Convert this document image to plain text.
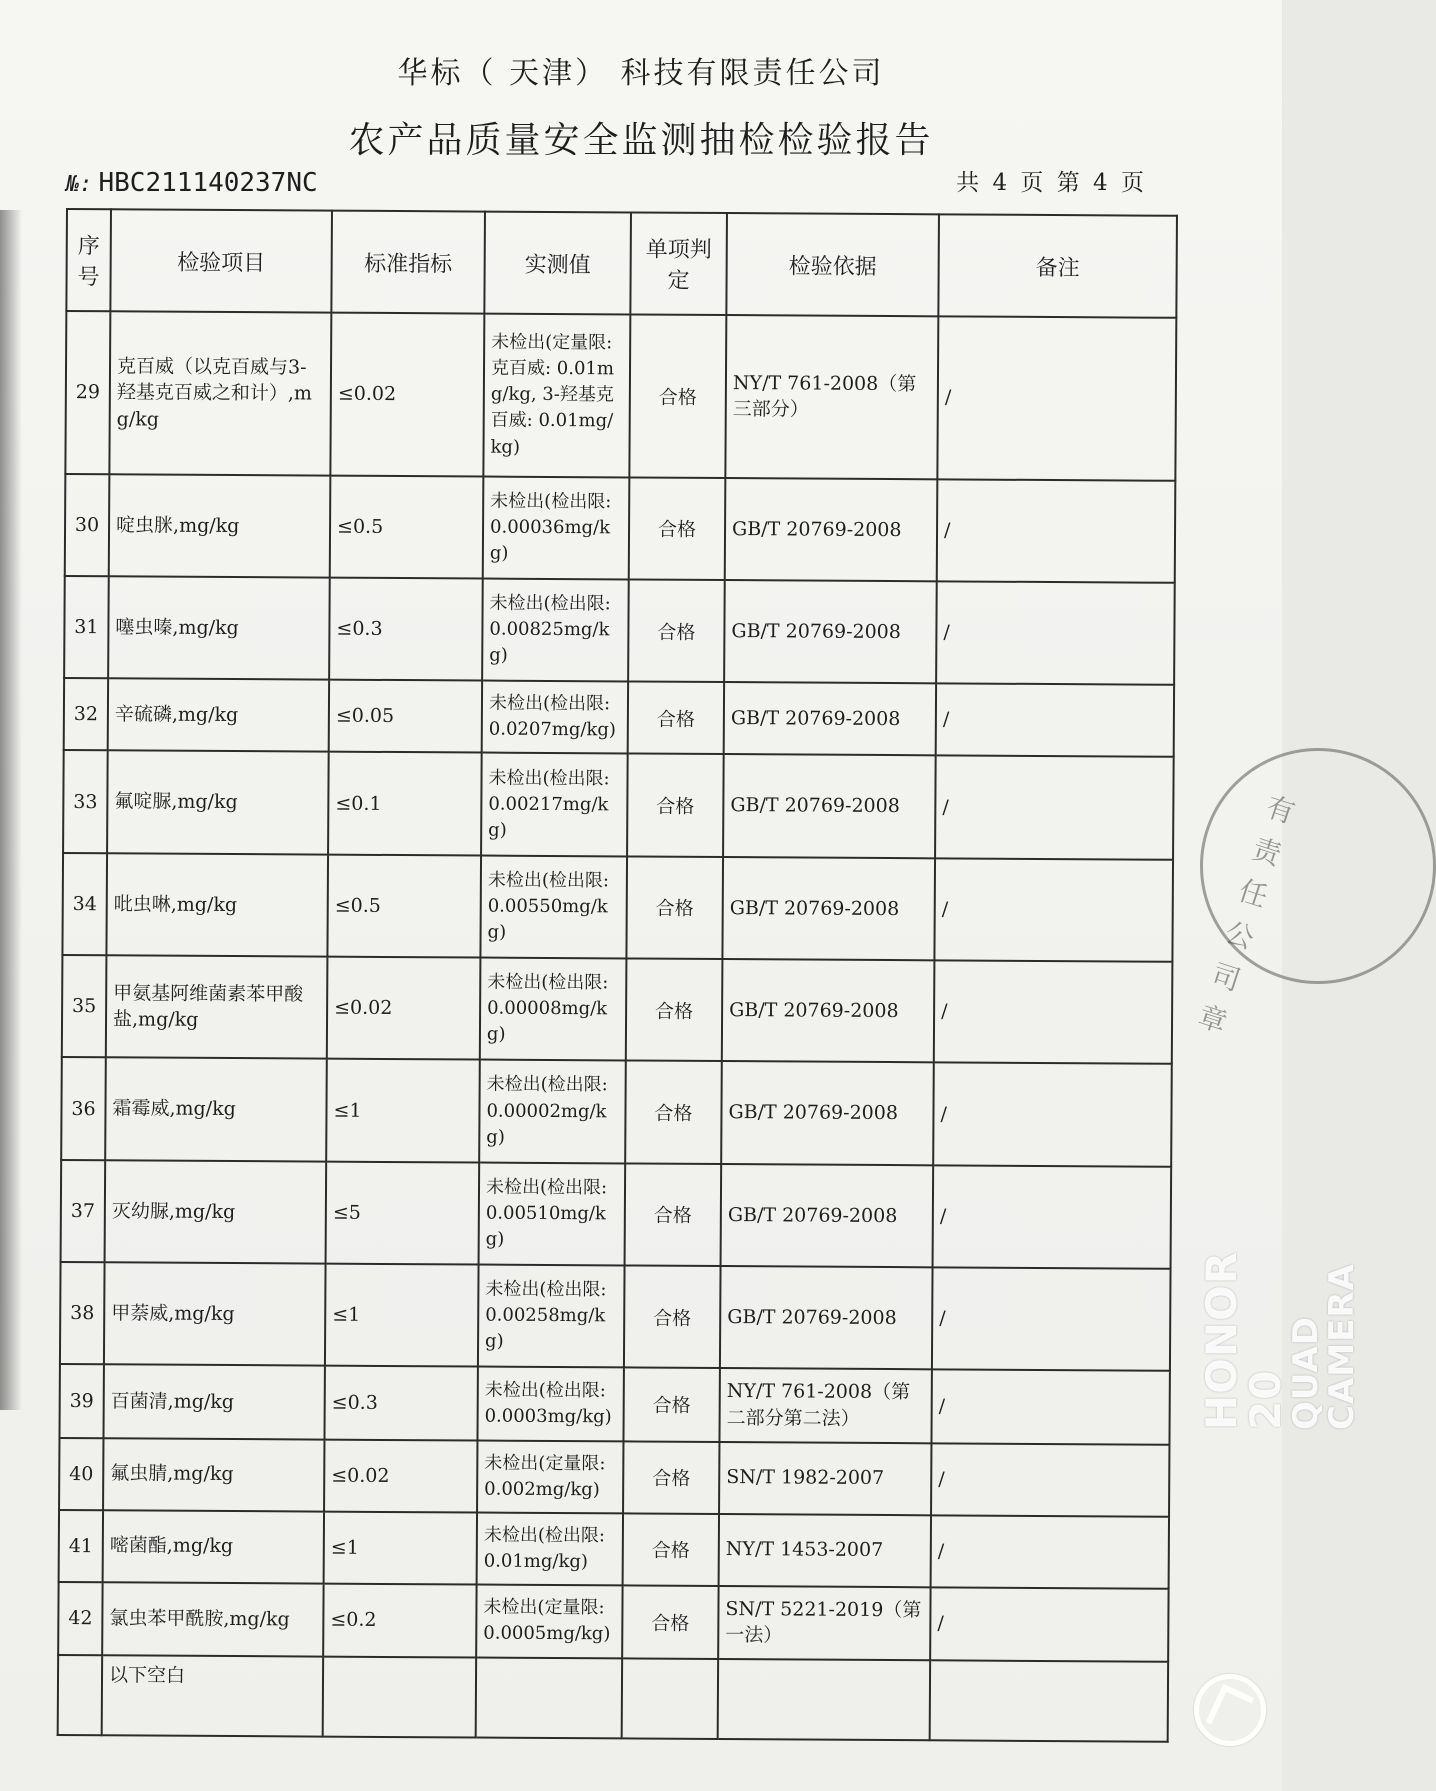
华标（ 天津） 科技有限责任公司
农产品质量安全监测抽检检验报告
№: HBC211140237NC	共 4 页 第 4 页
序号	检验项目	标准指标	实测值	单项判定	检验依据	备注
29	克百威（以克百威与3-羟基克百威之和计）,mg/kg	≤0.02	未检出(定量限: 克百威: 0.01mg/kg, 3-羟基克百威: 0.01mg/kg)	合格	NY/T 761-2008（第三部分）	/
30	啶虫脒,mg/kg	≤0.5	未检出(检出限: 0.00036mg/kg)	合格	GB/T 20769-2008	/
31	噻虫嗪,mg/kg	≤0.3	未检出(检出限: 0.00825mg/kg)	合格	GB/T 20769-2008	/
32	辛硫磷,mg/kg	≤0.05	未检出(检出限: 0.0207mg/kg)	合格	GB/T 20769-2008	/
33	氟啶脲,mg/kg	≤0.1	未检出(检出限: 0.00217mg/kg)	合格	GB/T 20769-2008	/
34	吡虫啉,mg/kg	≤0.5	未检出(检出限: 0.00550mg/kg)	合格	GB/T 20769-2008	/
35	甲氨基阿维菌素苯甲酸盐,mg/kg	≤0.02	未检出(检出限: 0.00008mg/kg)	合格	GB/T 20769-2008	/
36	霜霉威,mg/kg	≤1	未检出(检出限: 0.00002mg/kg)	合格	GB/T 20769-2008	/
37	灭幼脲,mg/kg	≤5	未检出(检出限: 0.00510mg/kg)	合格	GB/T 20769-2008	/
38	甲萘威,mg/kg	≤1	未检出(检出限: 0.00258mg/kg)	合格	GB/T 20769-2008	/
39	百菌清,mg/kg	≤0.3	未检出(检出限: 0.0003mg/kg)	合格	NY/T 761-2008（第二部分第二法）	/
40	氟虫腈,mg/kg	≤0.02	未检出(定量限: 0.002mg/kg)	合格	SN/T 1982-2007	/
41	嘧菌酯,mg/kg	≤1	未检出(检出限: 0.01mg/kg)	合格	NY/T 1453-2007	/
42	氯虫苯甲酰胺,mg/kg	≤0.2	未检出(定量限: 0.0005mg/kg)	合格	SN/T 5221-2019（第一法）	/
	以下空白					
有责任公司 章
HONOR 20
QUAD CAMERA
